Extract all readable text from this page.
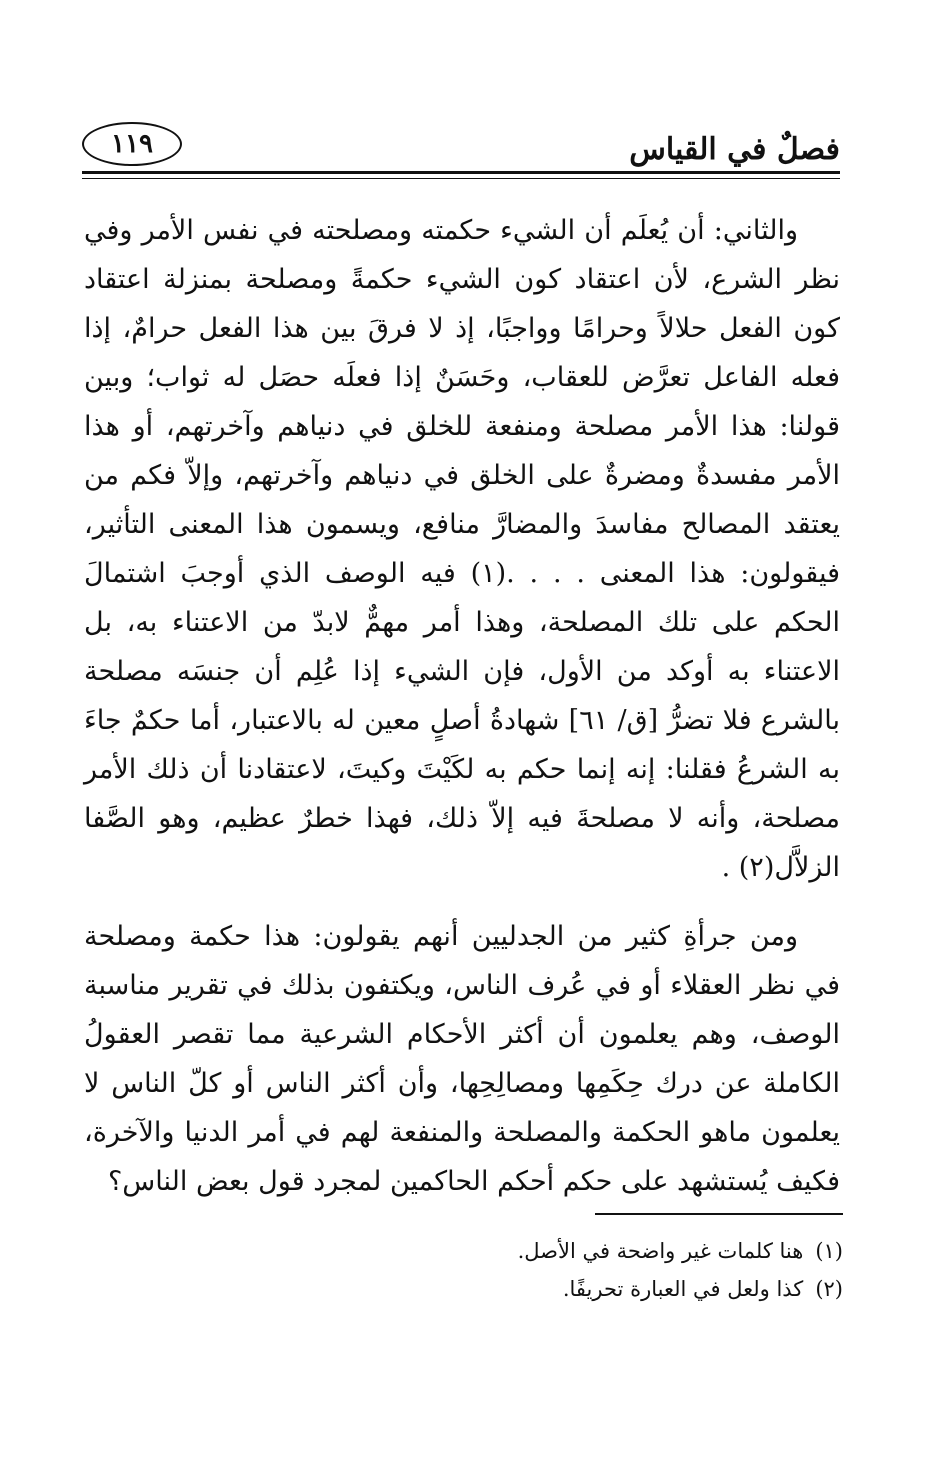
فصلٌ في القياس
١١٩

والثاني: أن يُعلَم أن الشيء حكمته ومصلحته في نفس الأمر وفي نظر الشرع، لأن اعتقاد كون الشيء حكمةً ومصلحة بمنزلة اعتقاد كون الفعل حلالاً وحرامًا وواجبًا، إذ لا فرقَ بين هذا الفعل حرامٌ، إذا فعله الفاعل تعرَّض للعقاب، وحَسَنٌ إذا فعلَه حصَل له ثواب؛ وبين قولنا: هذا الأمر مصلحة ومنفعة للخلق في دنياهم وآخرتهم، أو هذا الأمر مفسدةٌ ومضرةٌ على الخلق في دنياهم وآخرتهم، وإلاّ فكم من يعتقد المصالح مفاسدَ والمضارَّ منافع، ويسمون هذا المعنى التأثير، فيقولون: هذا المعنى . . . .(١) فيه الوصف الذي أوجبَ اشتمالَ الحكم على تلك المصلحة، وهذا أمر مهمٌّ لابدّ من الاعتناء به، بل الاعتناء به أوكد من الأول، فإن الشيء إذا عُلِم أن جنسَه مصلحة بالشرع فلا تضرُّ [ق/ ٦١] شهادةُ أصلٍ معين له بالاعتبار، أما حكمٌ جاءَ به الشرعُ فقلنا: إنه إنما حكم به لكَيْتَ وكيتَ، لاعتقادنا أن ذلك الأمر مصلحة، وأنه لا مصلحةَ فيه إلاّ ذلك، فهذا خطرٌ عظيم، وهو الصَّفا الزلاَّل(٢) .

ومن جرأةِ كثير من الجدليين أنهم يقولون: هذا حكمة ومصلحة في نظر العقلاء أو في عُرف الناس، ويكتفون بذلك في تقرير مناسبة الوصف، وهم يعلمون أن أكثر الأحكام الشرعية مما تقصر العقولُ الكاملة عن درك حِكَمِها ومصالِحِها، وأن أكثر الناس أو كلّ الناس لا يعلمون ماهو الحكمة والمصلحة والمنفعة لهم في أمر الدنيا والآخرة، فكيف يُستشهد على حكم أحكم الحاكمين لمجرد قول بعض الناس؟

(١)هنا كلمات غير واضحة في الأصل.
(٢)كذا ولعل في العبارة تحريفًا.
